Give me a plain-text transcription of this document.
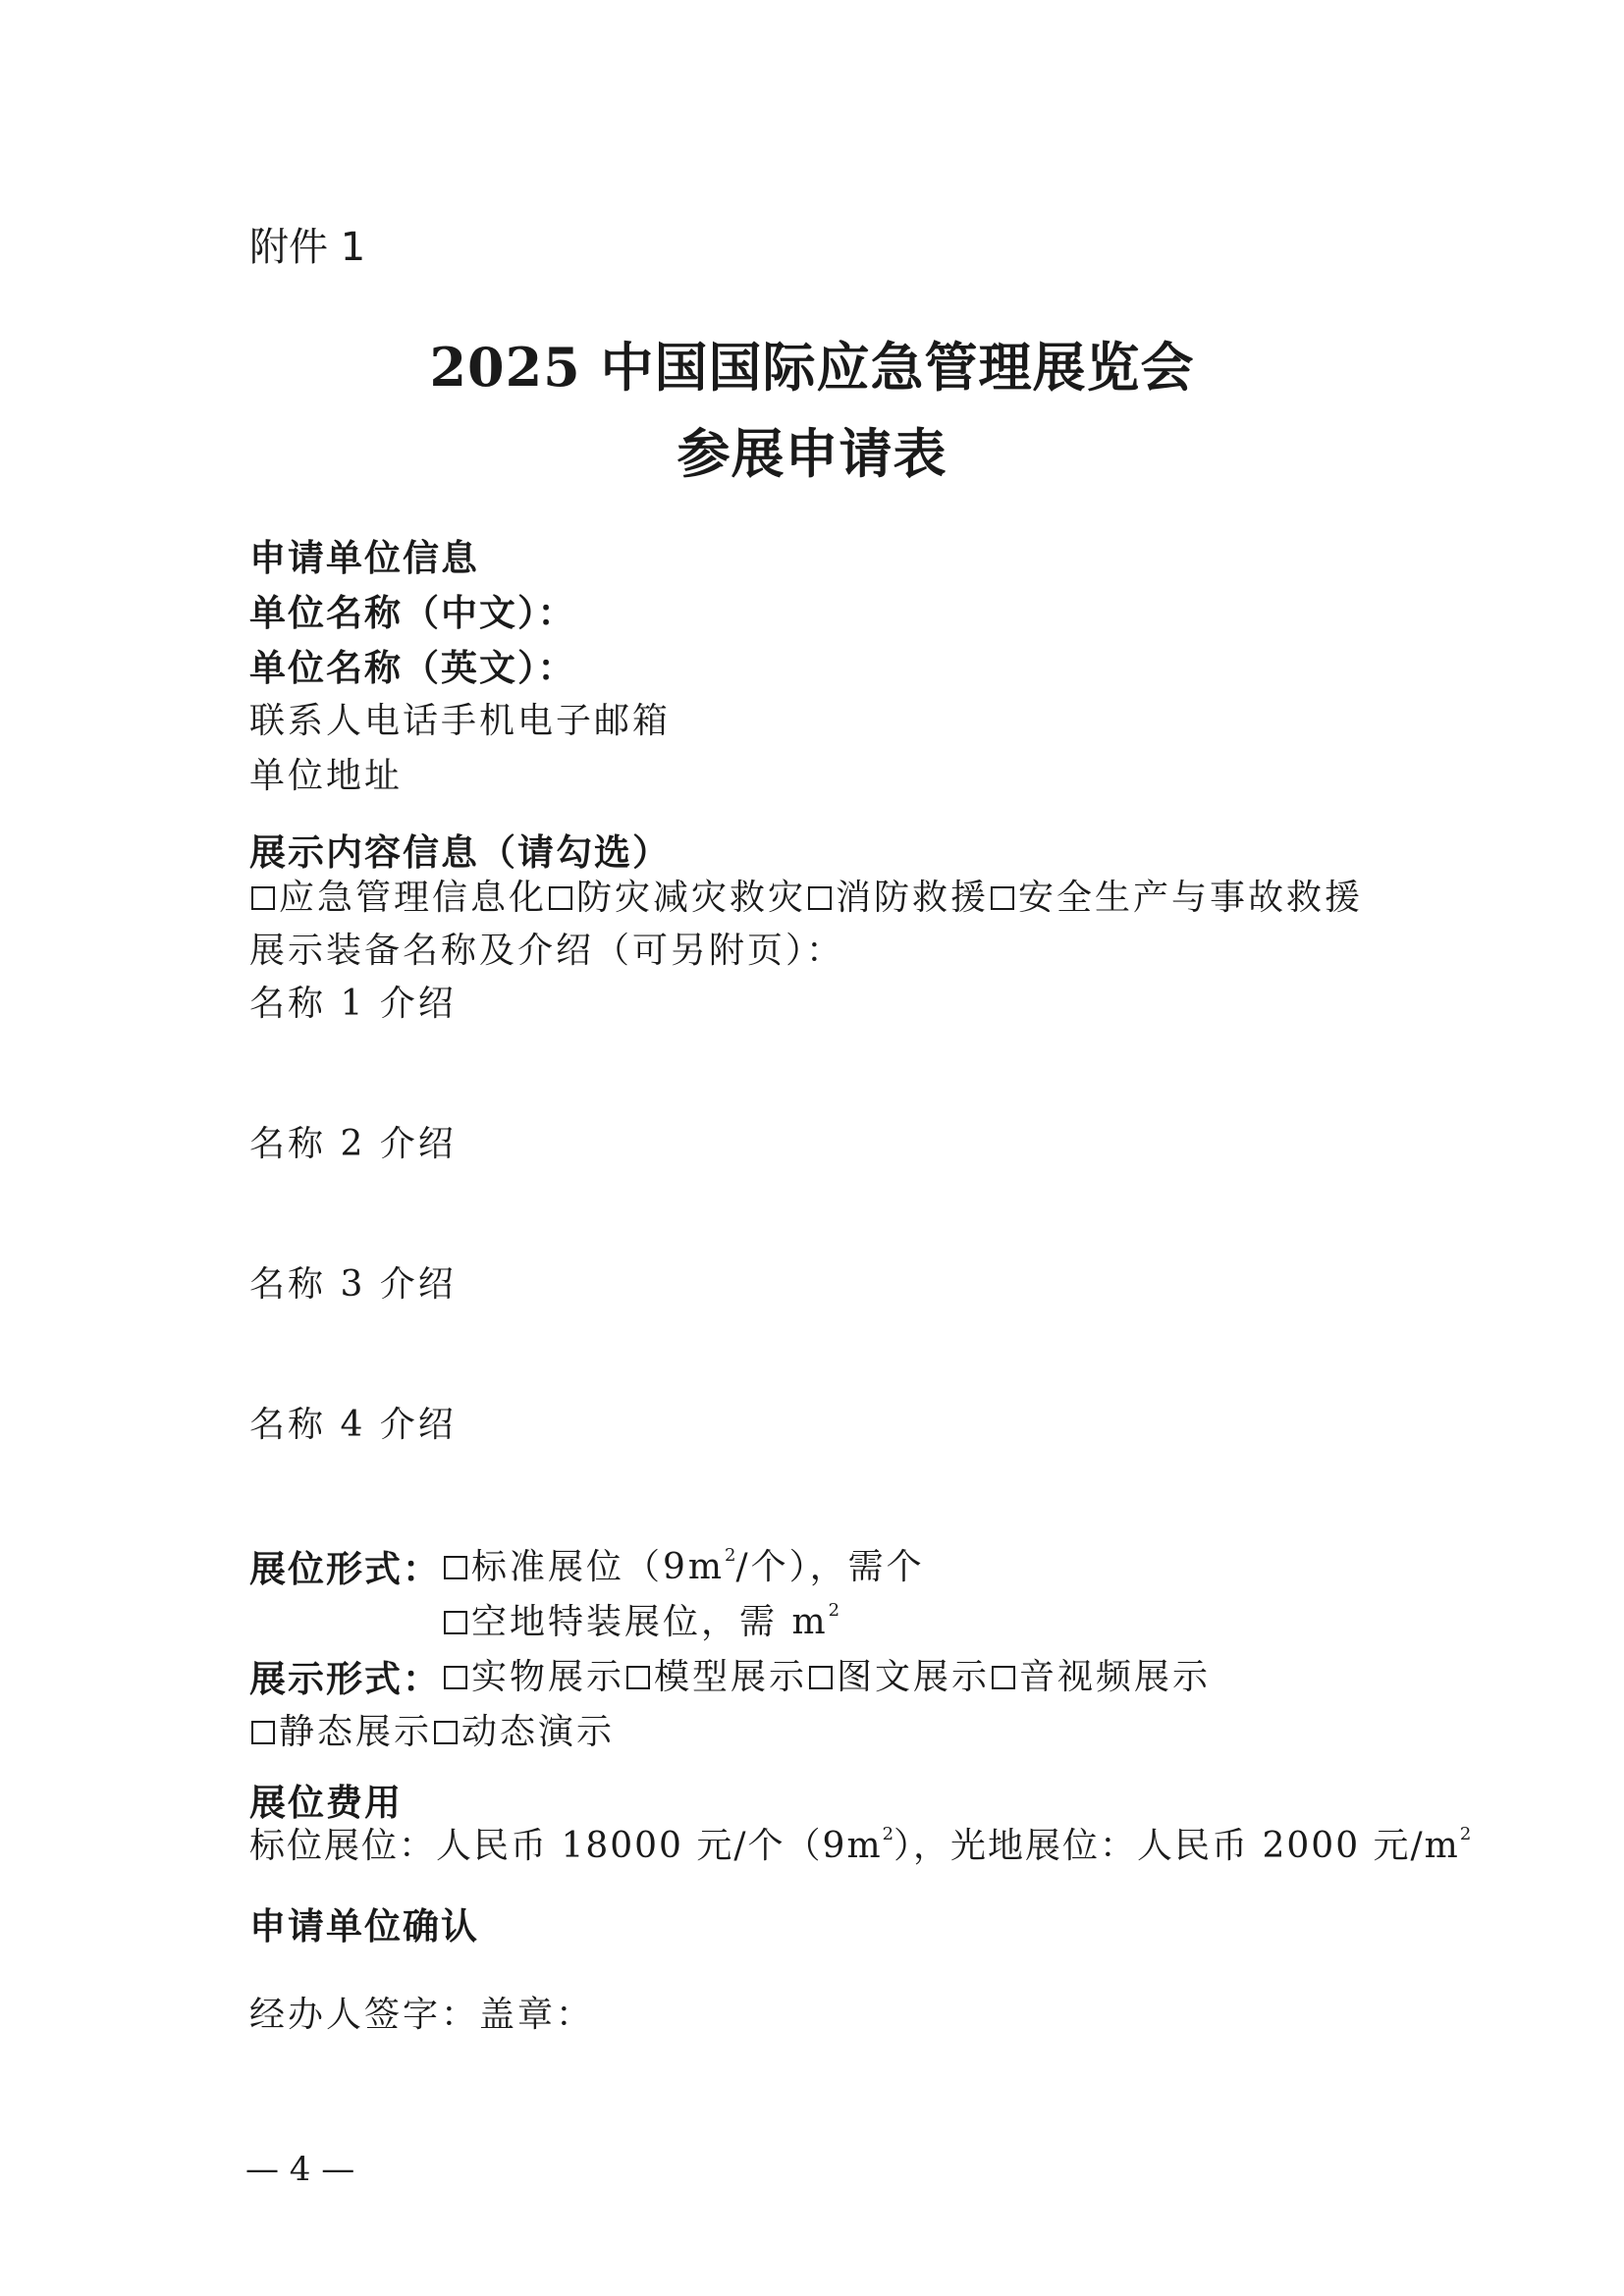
附件 1
2025 中国国际应急管理展览会
参展申请表
申请单位信息
单位名称（中文）：
单位名称（英文）：
联系人电话手机电子邮箱
单位地址
展示内容信息（请勾选）
应急管理信息化 防灾减灾救灾 消防救援 安全生产与事故救援
展示装备名称及介绍（可另附页）：
名称 1 介绍
名称 2 介绍
名称 3 介绍
名称 4 介绍
展位形式： 标准展位（$9m^2/$个），需个
空地特装展位，需 $m^2$
展示形式： 实物展示 模型展示 图文展示 音视频展示
静态展示 动态演示
展位费用
标位展位：人民币 18000 元/个$(9m^2)$，光地展位：人民币 2000 元$/m^2$
申请单位确认
经办人签字：盖章：
— 4 —
